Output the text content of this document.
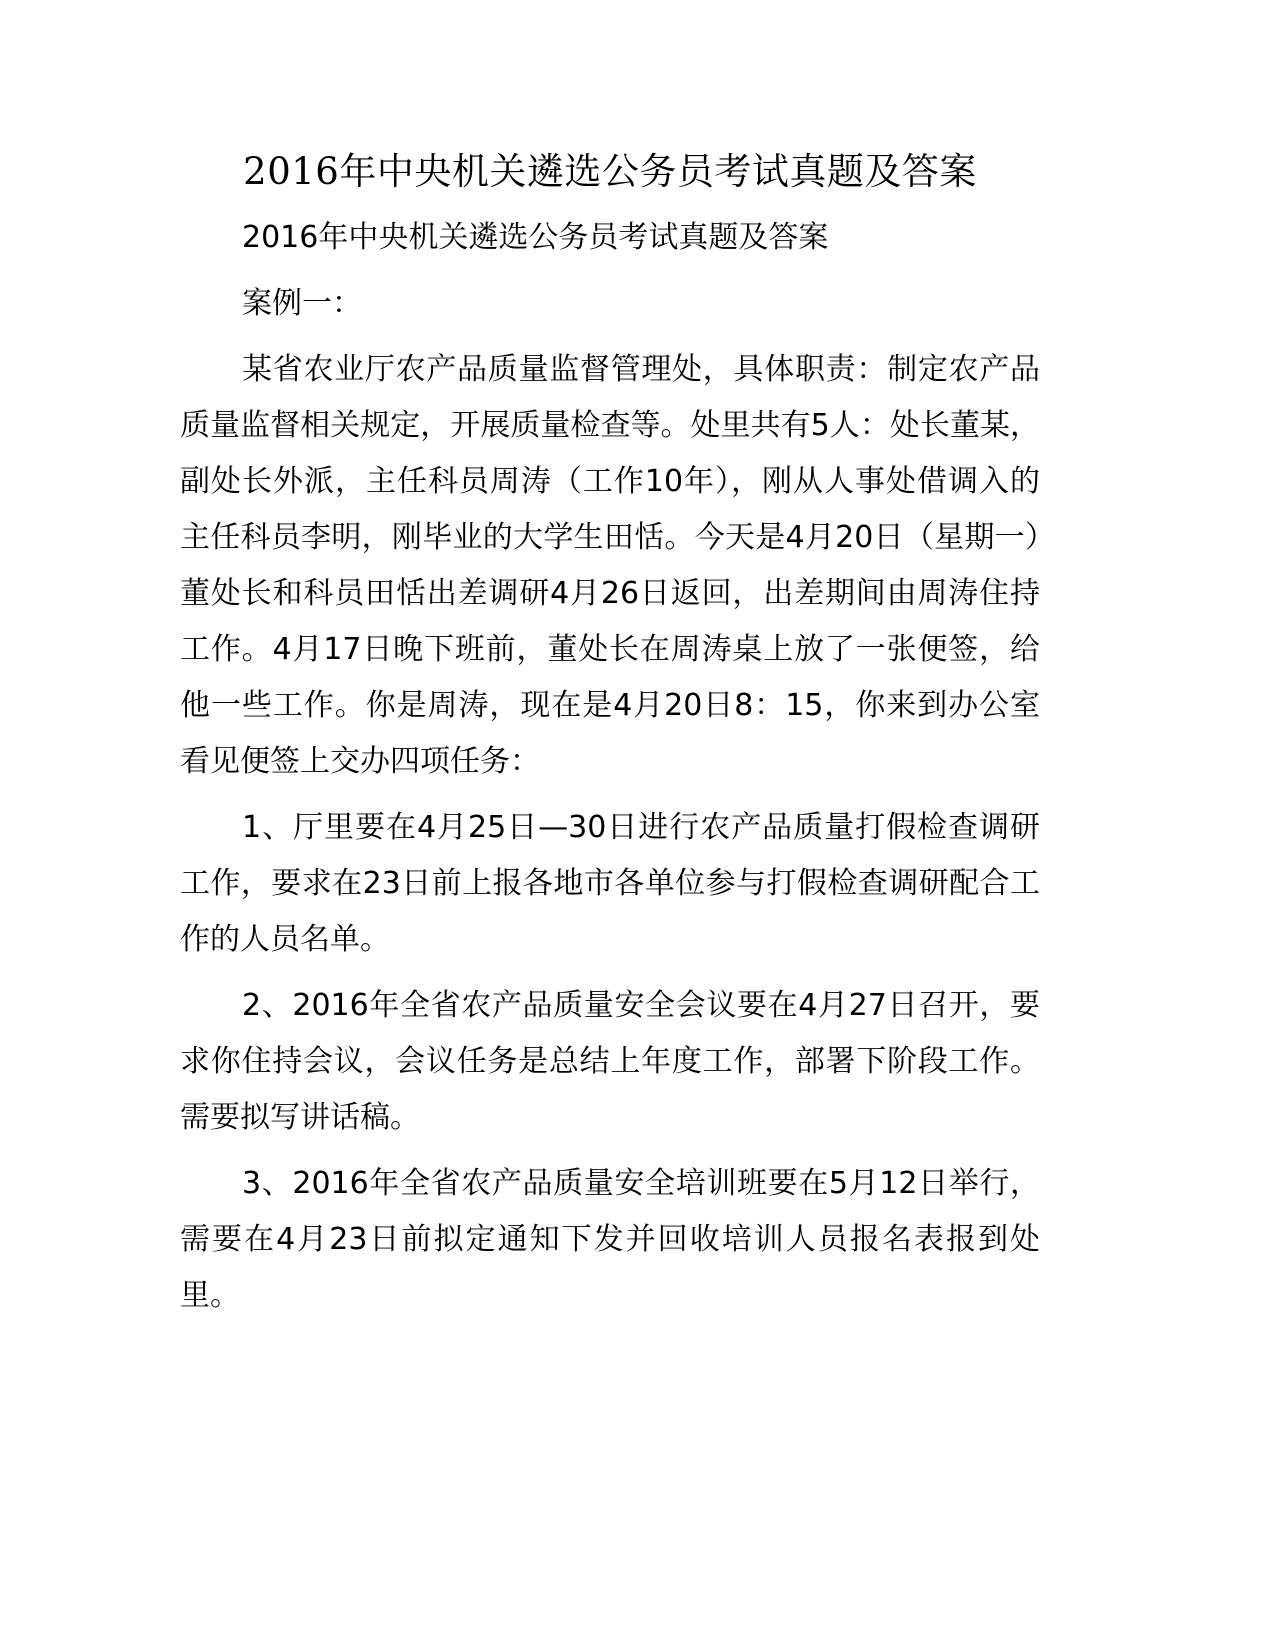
2016年中央机关遴选公务员考试真题及答案

2016年中央机关遴选公务员考试真题及答案

案例一：

某省农业厅农产品质量监督管理处，具体职责：制定农产品质量监督相关规定，开展质量检查等。处里共有5人：处长董某，副处长外派，主任科员周涛（工作10年），刚从人事处借调入的主任科员李明，刚毕业的大学生田恬。今天是4月20日（星期一）董处长和科员田恬出差调研4月26日返回，出差期间由周涛住持工作。4月17日晚下班前，董处长在周涛桌上放了一张便签，给他一些工作。你是周涛，现在是4月20日8：15，你来到办公室看见便签上交办四项任务：

1、厅里要在4月25日—30日进行农产品质量打假检查调研工作，要求在23日前上报各地市各单位参与打假检查调研配合工作的人员名单。

2、2016年全省农产品质量安全会议要在4月27日召开，要求你住持会议，会议任务是总结上年度工作，部署下阶段工作。需要拟写讲话稿。

3、2016年全省农产品质量安全培训班要在5月12日举行，需要在4月23日前拟定通知下发并回收培训人员报名表报到处里。
